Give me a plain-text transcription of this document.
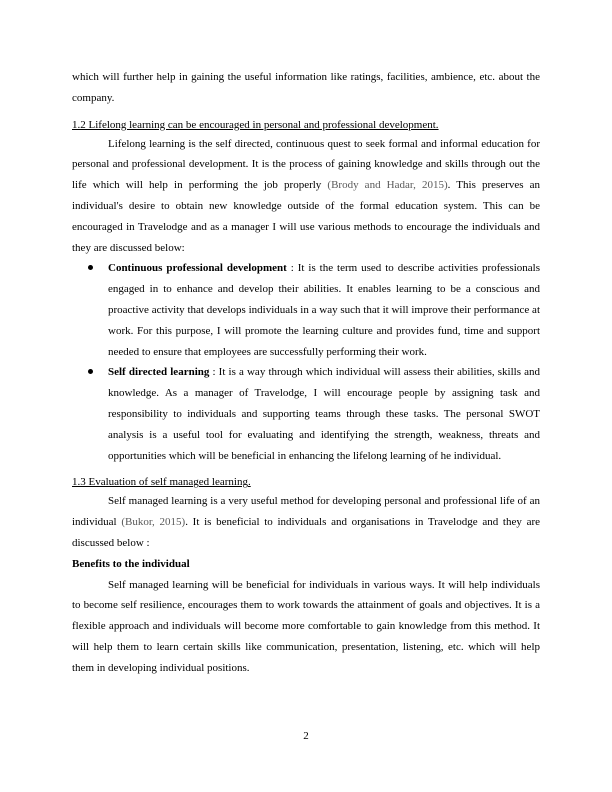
which will further help in gaining the useful information like ratings, facilities, ambience, etc. about the company.

1.2 Lifelong learning can be encouraged in personal and professional development.

Lifelong learning is the self directed, continuous quest to seek formal and informal education for personal and professional development. It is the process of gaining knowledge and skills through out the life which will help in performing the job properly (Brody and Hadar, 2015). This preserves an individual's desire to obtain new knowledge outside of the formal education system. This can be encouraged in Travelodge and as a manager I will use various methods to encourage the individuals and they are discussed below:

Continuous professional development : It is the term used to describe activities professionals engaged in to enhance and develop their abilities. It enables learning to be a conscious and proactive activity that develops individuals in a way such that it will improve their performance at work. For this purpose, I will promote the learning culture and provides fund, time and support needed to ensure that employees are successfully performing their work.

Self directed learning : It is a way through which individual will assess their abilities, skills and knowledge. As a manager of Travelodge, I will encourage people by assigning task and responsibility to individuals and supporting teams through these tasks. The personal SWOT analysis is a useful tool for evaluating and identifying the strength, weakness, threats and opportunities which will be beneficial in enhancing the lifelong learning of he individual.

1.3 Evaluation of self managed learning.

Self managed learning is a very useful method for developing personal and professional life of an individual (Bukor, 2015). It is beneficial to individuals and organisations in Travelodge and they are discussed below :

Benefits to the individual

Self managed learning will be beneficial for individuals in various ways. It will help individuals to become self resilience, encourages them to work towards the attainment of goals and objectives. It is a flexible approach and individuals will become more comfortable to gain knowledge from this method. It will help them to learn certain skills like communication, presentation, listening, etc. which will help them in developing individual positions.

2
